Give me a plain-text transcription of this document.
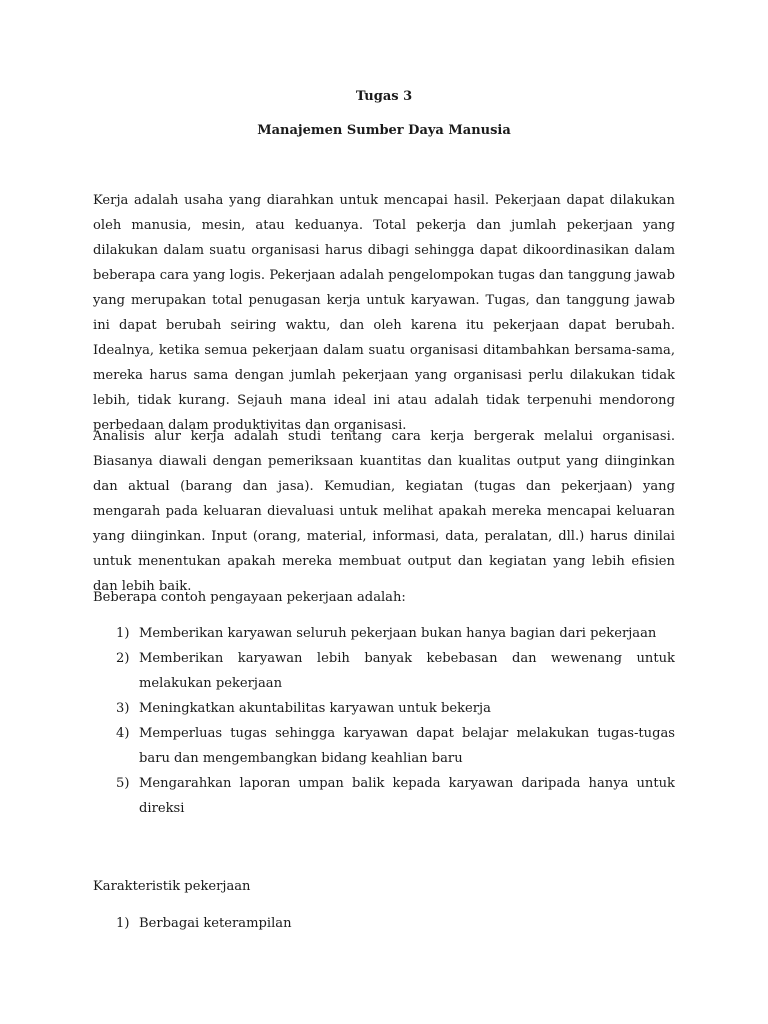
Tugas 3
Manajemen Sumber Daya Manusia

Kerja adalah usaha yang diarahkan untuk mencapai hasil. Pekerjaan dapat dilakukan oleh manusia, mesin, atau keduanya. Total pekerja dan jumlah pekerjaan yang dilakukan dalam suatu organisasi harus dibagi sehingga dapat dikoordinasikan dalam beberapa cara yang logis. Pekerjaan adalah pengelompokan tugas dan tanggung jawab yang merupakan total penugasan kerja untuk karyawan. Tugas, dan tanggung jawab ini dapat berubah seiring waktu, dan oleh karena itu pekerjaan dapat berubah. Idealnya, ketika semua pekerjaan dalam suatu organisasi ditambahkan bersama-sama, mereka harus sama dengan jumlah pekerjaan yang organisasi perlu dilakukan tidak lebih, tidak kurang. Sejauh mana ideal ini atau adalah tidak terpenuhi mendorong perbedaan dalam produktivitas dan organisasi.

Analisis alur kerja adalah studi tentang cara kerja bergerak melalui organisasi. Biasanya diawali dengan pemeriksaan kuantitas dan kualitas output yang diinginkan dan aktual (barang dan jasa). Kemudian, kegiatan (tugas dan pekerjaan) yang mengarah pada keluaran dievaluasi untuk melihat apakah mereka mencapai keluaran yang diinginkan. Input (orang, material, informasi, data, peralatan, dll.) harus dinilai untuk menentukan apakah mereka membuat output dan kegiatan yang lebih efisien dan lebih baik.

Beberapa contoh pengayaan pekerjaan adalah:

1) Memberikan karyawan seluruh pekerjaan bukan hanya bagian dari pekerjaan
2) Memberikan karyawan lebih banyak kebebasan dan wewenang untuk melakukan pekerjaan
3) Meningkatkan akuntabilitas karyawan untuk bekerja
4) Memperluas tugas sehingga karyawan dapat belajar melakukan tugas-tugas baru dan mengembangkan bidang keahlian baru
5) Mengarahkan laporan umpan balik kepada karyawan daripada hanya untuk direksi

Karakteristik pekerjaan

1) Berbagai keterampilan
